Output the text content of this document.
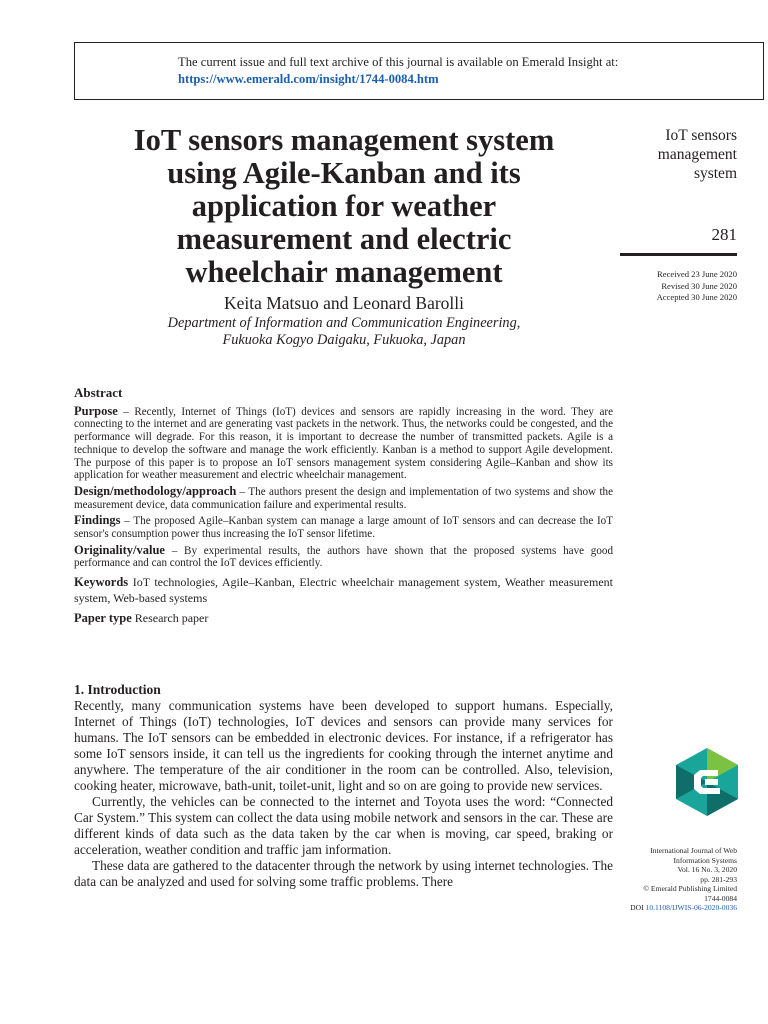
The current issue and full text archive of this journal is available on Emerald Insight at:
https://www.emerald.com/insight/1744-0084.htm
IoT sensors management system
using Agile-Kanban and its
application for weather
measurement and electric
wheelchair management
Keita Matsuo and Leonard Barolli
Department of Information and Communication Engineering,
Fukuoka Kogyo Daigaku, Fukuoka, Japan
IoT sensors
management
system
281
Received 23 June 2020
Revised 30 June 2020
Accepted 30 June 2020
Abstract

Purpose – Recently, Internet of Things (IoT) devices and sensors are rapidly increasing in the word. They are connecting to the internet and are generating vast packets in the network. Thus, the networks could be congested, and the performance will degrade. For this reason, it is important to decrease the number of transmitted packets. Agile is a technique to develop the software and manage the work efficiently. Kanban is a method to support Agile development. The purpose of this paper is to propose an IoT sensors management system considering Agile–Kanban and show its application for weather measurement and electric wheelchair management.

Design/methodology/approach – The authors present the design and implementation of two systems and show the measurement device, data communication failure and experimental results.

Findings – The proposed Agile–Kanban system can manage a large amount of IoT sensors and can decrease the IoT sensor's consumption power thus increasing the IoT sensor lifetime.

Originality/value – By experimental results, the authors have shown that the proposed systems have good performance and can control the IoT devices efficiently.

Keywords IoT technologies, Agile–Kanban, Electric wheelchair management system, Weather measurement system, Web-based systems

Paper type Research paper

1. Introduction

Recently, many communication systems have been developed to support humans. Especially, Internet of Things (IoT) technologies, IoT devices and sensors can provide many services for humans. The IoT sensors can be embedded in electronic devices. For instance, if a refrigerator has some IoT sensors inside, it can tell us the ingredients for cooking through the internet anytime and anywhere. The temperature of the air conditioner in the room can be controlled. Also, television, cooking heater, microwave, bath-unit, toilet-unit, light and so on are going to provide new services.

Currently, the vehicles can be connected to the internet and Toyota uses the word: “Connected Car System.” This system can collect the data using mobile network and sensors in the car. These are different kinds of data such as the data taken by the car when is moving, car speed, braking or acceleration, weather condition and traffic jam information.

These data are gathered to the datacenter through the network by using internet technologies. The data can be analyzed and used for solving some traffic problems. There

International Journal of Web
Information Systems
Vol. 16 No. 3, 2020
pp. 281-293
© Emerald Publishing Limited
1744-0084
DOI 10.1108/IJWIS-06-2020-0036
